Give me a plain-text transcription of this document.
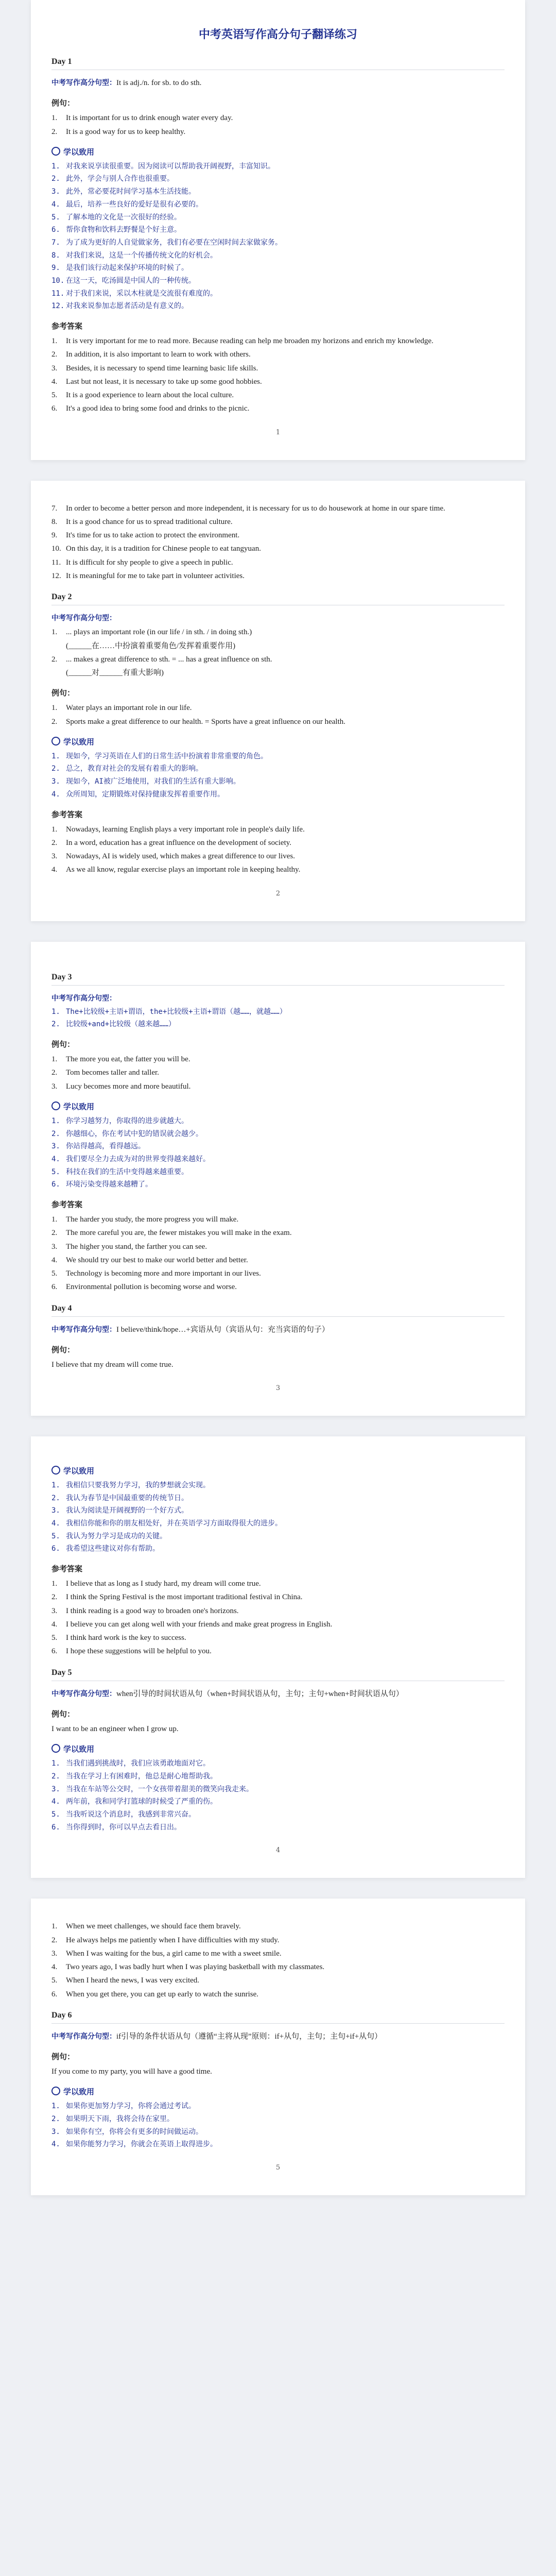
中考英语写作高分句子翻译练习
Day 1
中考写作高分句型：It is adj./n. for sb. to do sth.
例句：
1.	It is important for us to drink enough water every day.
2.	It is a good way for us to keep healthy.
学以致用
1. 对我来说享读很重要。因为阅读可以帮助我开阔视野，丰富知识。
2. 此外，学会与别人合作也很重要。
3. 此外，常必要花时间学习基本生活技能。
4. 最后，培养一些良好的爱好是很有必要的。
5. 了解本地的文化是一次很好的经验。
6. 帮你食物和饮料去野餐是个好主意。
7. 为了成为更好的人自觉做家务，我们有必要在空闲时间去家做家务。
8. 对我们来说，这是一个传播传统文化的好机会。
9. 是我们该行动起来保护环境的时候了。
10. 在这一天，吃汤圆是中国人的一种传统。
11. 对于我们来说，采以木柱就是交流很有难度的。
12. 对我来说参加志愿者活动是有意义的。
参考答案
1.	It is very important for me to read more. Because reading can help me broaden my horizons and enrich my knowledge.
2.	In addition, it is also important to learn to work with others.
3.	Besides, it is necessary to spend time learning basic life skills.
4.	Last but not least, it is necessary to take up some good hobbies.
5.	It is a good experience to learn about the local culture.
6.	It's a good idea to bring some food and drinks to the picnic.
1
7.	In order to become a better person and more independent, it is necessary for us to do housework at home in our spare time.
8.	It is a good chance for us to spread traditional culture.
9.	It's time for us to take action to protect the environment.
10. On this day, it is a tradition for Chinese people to eat tangyuan.
11. It is difficult for shy people to give a speech in public.
12. It is meaningful for me to take part in volunteer activities.
Day 2
中考写作高分句型：
1.	... plays an important role (in our life / in sth. / in doing sth.)
(______在……中扮演着重要角色/发挥着重要作用)
2.	... makes a great difference to sth. = ... has a great influence on sth.
(______对______有重大影响)
例句：
1.	Water plays an important role in our life.
2.	Sports make a great difference to our health. = Sports have a great influence on our health.
学以致用
1. 现如今，学习英语在人们的日常生活中扮演着非常重要的角色。
2. 总之，教育对社会的发展有着重大的影响。
3. 现如今，AI被广泛地使用，对我们的生活有重大影响。
4. 众所周知，定期锻炼对保持健康发挥着重要作用。
参考答案
1.	Nowadays, learning English plays a very important role in people's daily life.
2.	In a word, education has a great influence on the development of society.
3.	Nowadays, AI is widely used, which makes a great difference to our lives.
4.	As we all know, regular exercise plays an important role in keeping healthy.
2
Day 3
中考写作高分句型：
1. The+比较级+主语+谓语，the+比较级+主语+谓语（越……，就越……）
2. 比较级+and+比较级（越来越……）
例句：
1.	The more you eat, the fatter you will be.
2.	Tom becomes taller and taller.
3.	Lucy becomes more and more beautiful.
学以致用
1. 你学习越努力，你取得的进步就越大。
2. 你越细心，你在考试中犯的错误就会越少。
3. 你站得越高，看得越远。
4. 我们要尽全力去成为对的世界变得越来越好。
5. 科技在我们的生活中变得越来越重要。
6. 环境污染变得越来越糟了。
参考答案
1.	The harder you study, the more progress you will make.
2.	The more careful you are, the fewer mistakes you will make in the exam.
3.	The higher you stand, the farther you can see.
4.	We should try our best to make our world better and better.
5.	Technology is becoming more and more important in our lives.
6.	Environmental pollution is becoming worse and worse.
Day 4
中考写作高分句型：I believe/think/hope…+宾语从句（宾语从句：充当宾语的句子）
例句：
I believe that my dream will come true.
3
学以致用
1. 我相信只要我努力学习，我的梦想就会实现。
2. 我认为春节是中国最重要的传统节日。
3. 我认为阅读是开阔视野的一个好方式。
4. 我相信你能和你的朋友相处好，并在英语学习方面取得很大的进步。
5. 我认为努力学习是成功的关键。
6. 我希望这些建议对你有帮助。
参考答案
1.	I believe that as long as I study hard, my dream will come true.
2.	I think the Spring Festival is the most important traditional festival in China.
3.	I think reading is a good way to broaden one's horizons.
4.	I believe you can get along well with your friends and make great progress in English.
5.	I think hard work is the key to success.
6.	I hope these suggestions will be helpful to you.
Day 5
中考写作高分句型：when引导的时间状语从句（when+时间状语从句，主句；主句+when+时间状语从句）
例句：
I want to be an engineer when I grow up.
学以致用
1. 当我们遇到挑战时，我们应该勇敢地面对它。
2. 当我在学习上有困难时，他总是耐心地帮助我。
3. 当我在车站等公交时，一个女孩带着甜美的微笑向我走来。
4. 两年前，我和同学打篮球的时候受了严重的伤。
5. 当我听说这个消息时，我感到非常兴奋。
6. 当你得到时，你可以早点去看日出。
4
1.	When we meet challenges, we should face them bravely.
2.	He always helps me patiently when I have difficulties with my study.
3.	When I was waiting for the bus, a girl came to me with a sweet smile.
4.	Two years ago, I was badly hurt when I was playing basketball with my classmates.
5.	When I heard the news, I was very excited.
6.	When you get there, you can get up early to watch the sunrise.
Day 6
中考写作高分句型：if引导的条件状语从句（遵循“主将从现”原则：if+从句，主句；主句+if+从句）
例句：
If you come to my party, you will have a good time.
学以致用
1. 如果你更加努力学习，你将会通过考试。
2. 如果明天下雨，我将会待在家里。
3. 如果你有空，你将会有更多的时间做运动。
4. 如果你能努力学习，你就会在英语上取得进步。
5
